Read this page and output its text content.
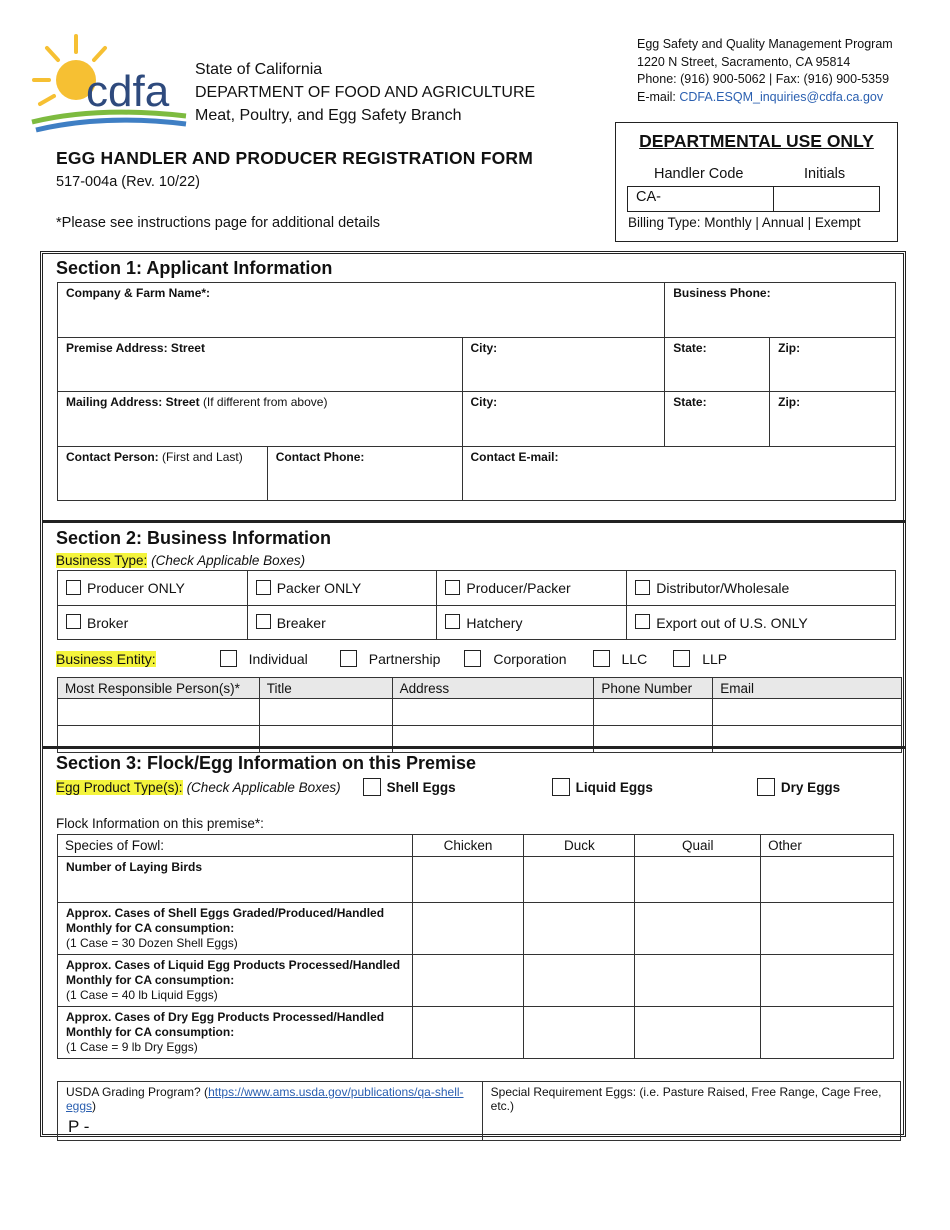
cdfa State of California
DEPARTMENT OF FOOD AND AGRICULTURE
Meat, Poultry, and Egg Safety Branch
Egg Safety and Quality Management Program
1220 N Street, Sacramento, CA 95814
Phone: (916) 900-5062 | Fax: (916) 900-5359
E-mail: CDFA.ESQM_inquiries@cdfa.ca.gov
EGG HANDLER AND PRODUCER REGISTRATION FORM
517-004a (Rev. 10/22)
*Please see instructions page for additional details
DEPARTMENTAL USE ONLY
Handler Code	Initials
CA-
Billing Type: Monthly | Annual | Exempt
Section 1: Applicant Information
Company & Farm Name*:			Business Phone:	
Premise Address: Street		City:	State:	Zip:
Mailing Address: Street (If different from above)		City:	State:	Zip:
Contact Person: (First and Last)	Contact Phone:	Contact E-mail:		
Section 2: Business Information
Business Type: (Check Applicable Boxes)
Producer ONLY	Packer ONLY	Producer/Packer	Distributor/Wholesale
Broker	Breaker	Hatchery	Export out of U.S. ONLY
Business Entity:	Individual	Partnership	Corporation	LLC	LLP
Most Responsible Person(s)*	Title	Address	Phone Number	Email

Section 3: Flock/Egg Information on this Premise
Egg Product Type(s): (Check Applicable Boxes)	Shell Eggs	Liquid Eggs	Dry Eggs
Flock Information on this premise*:
Species of Fowl:	Chicken	Duck	Quail	Other
Number of Laying Birds				
Approx. Cases of Shell Eggs Graded/Produced/Handled Monthly for CA consumption:
(1 Case = 30 Dozen Shell Eggs)				
Approx. Cases of Liquid Egg Products Processed/Handled Monthly for CA consumption:
(1 Case = 40 lb Liquid Eggs)				
Approx. Cases of Dry Egg Products Processed/Handled Monthly for CA consumption:
(1 Case = 9 lb Dry Eggs)				
USDA Grading Program? (https://www.ams.usda.gov/publications/qa-shell-eggs)
P -
	Special Requirement Eggs: (i.e. Pasture Raised, Free Range, Cage Free, etc.)
